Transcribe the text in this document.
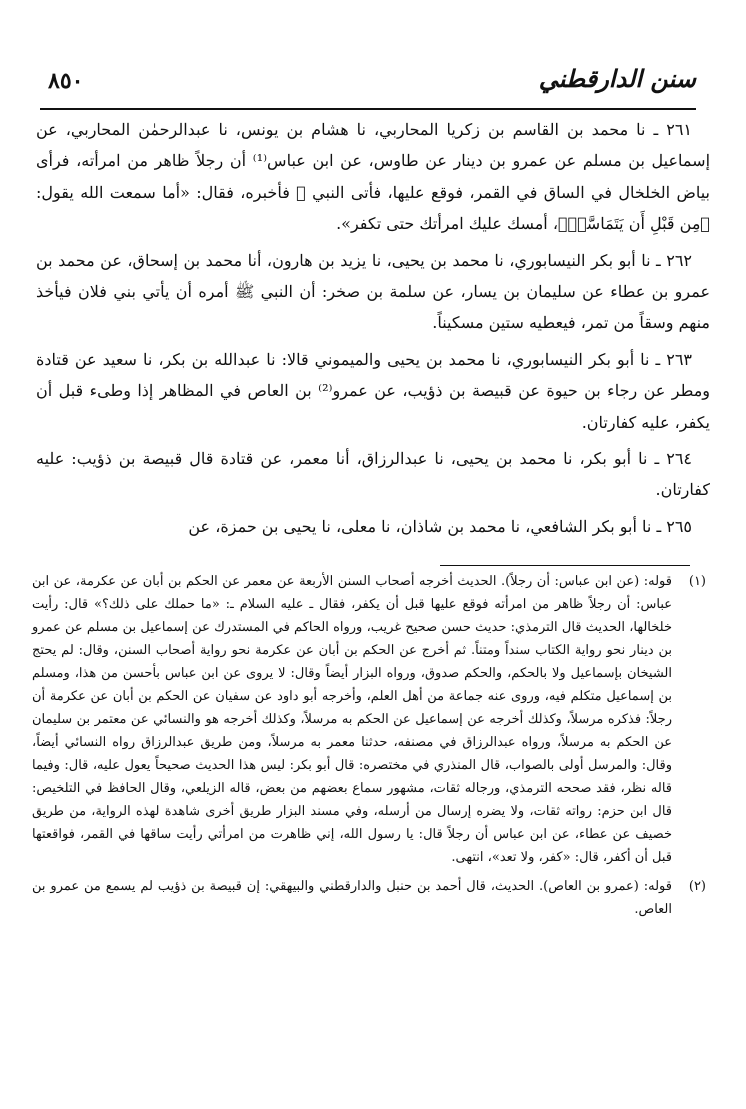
سنن الدارقطني
٨٥٠

٢٦١ ـ نا محمد بن القاسم بن زكريا المحاربي، نا هشام بن يونس، نا عبدالرحمٰن المحاربي، عن إسماعيل بن مسلم عن عمرو بن دينار عن طاوس، عن ابن عباس⁽¹⁾ أن رجلاً ظاهر من امرأته، فرأى بياض الخلخال في الساق في القمر، فوقع عليها، فأتى النبي ﷺ فأخبره، فقال: «أما سمعت الله يقول: ﴿مِن قَبْلِ أَن يَتَمَاسَّاۚ﴾، أمسك عليك امرأتك حتى تكفر».

٢٦٢ ـ نا أبو بكر النيسابوري، نا محمد بن يحيى، نا يزيد بن هارون، أنا محمد بن إسحاق، عن محمد بن عمرو بن عطاء عن سليمان بن يسار، عن سلمة بن صخر: أن النبي ﷺ أمره أن يأتي بني فلان فيأخذ منهم وسقاً من تمر، فيعطيه ستين مسكيناً.

٢٦٣ ـ نا أبو بكر النيسابوري، نا محمد بن يحيى والميموني قالا: نا عبدالله بن بكر، نا سعيد عن قتادة ومطر عن رجاء بن حيوة عن قبيصة بن ذؤيب، عن عمرو⁽²⁾ بن العاص في المظاهر إذا وطىء قبل أن يكفر، عليه كفارتان.

٢٦٤ ـ نا أبو بكر، نا محمد بن يحيى، نا عبدالرزاق، أنا معمر، عن قتادة قال قبيصة بن ذؤيب: عليه كفارتان.

٢٦٥ ـ نا أبو بكر الشافعي، نا محمد بن شاذان، نا معلى، نا يحيى بن حمزة، عن

(١)
قوله: (عن ابن عباس: أن رجلاً). الحديث أخرجه أصحاب السنن الأربعة عن معمر عن الحكم بن أبان عن عكرمة، عن ابن عباس: أن رجلاً ظاهر من امرأته فوقع عليها قبل أن يكفر، فقال ـ عليه السلام ـ: «ما حملك على ذلك؟» قال: رأيت خلخالها، الحديث قال الترمذي: حديث حسن صحيح غريب، ورواه الحاكم في المستدرك عن إسماعيل بن مسلم عن عمرو بن دينار نحو رواية الكتاب سنداً ومتناً. ثم أخرج عن الحكم بن أبان عن عكرمة نحو رواية أصحاب السنن، وقال: لم يحتج الشيخان بإسماعيل ولا بالحكم، والحكم صدوق، ورواه البزار أيضاً وقال: لا يروى عن ابن عباس بأحسن من هذا، ومسلم بن إسماعيل متكلم فيه، وروى عنه جماعة من أهل العلم، وأخرجه أبو داود عن سفيان عن الحكم بن أبان عن عكرمة أن رجلاً: فذكره مرسلاً، وكذلك أخرجه عن إسماعيل عن الحكم به مرسلاً، وكذلك أخرجه هو والنسائي عن معتمر بن سليمان عن الحكم به مرسلاً، ورواه عبدالرزاق في مصنفه، حدثنا معمر به مرسلاً، ومن طريق عبدالرزاق رواه النسائي أيضاً، وقال: والمرسل أولى بالصواب، قال المنذري في مختصره: قال أبو بكر: ليس هذا الحديث صحيحاً يعول عليه، قال: وفيما قاله نظر، فقد صححه الترمذي، ورجاله ثقات، مشهور سماع بعضهم من بعض، قاله الزيلعي، وقال الحافظ في التلخيص: قال ابن حزم: رواته ثقات، ولا يضره إرسال من أرسله، وفي مسند البزار طريق أخرى شاهدة لهذه الرواية، من طريق خصيف عن عطاء، عن ابن عباس أن رجلاً قال: يا رسول الله، إني ظاهرت من امرأتي رأيت ساقها في القمر، فواقعتها قبل أن أكفر، قال: «كفر، ولا تعد»، انتهى.
(٢)
قوله: (عمرو بن العاص). الحديث، قال أحمد بن حنبل والدارقطني والبيهقي: إن قبيصة بن ذؤيب لم يسمع من عمرو بن العاص.
